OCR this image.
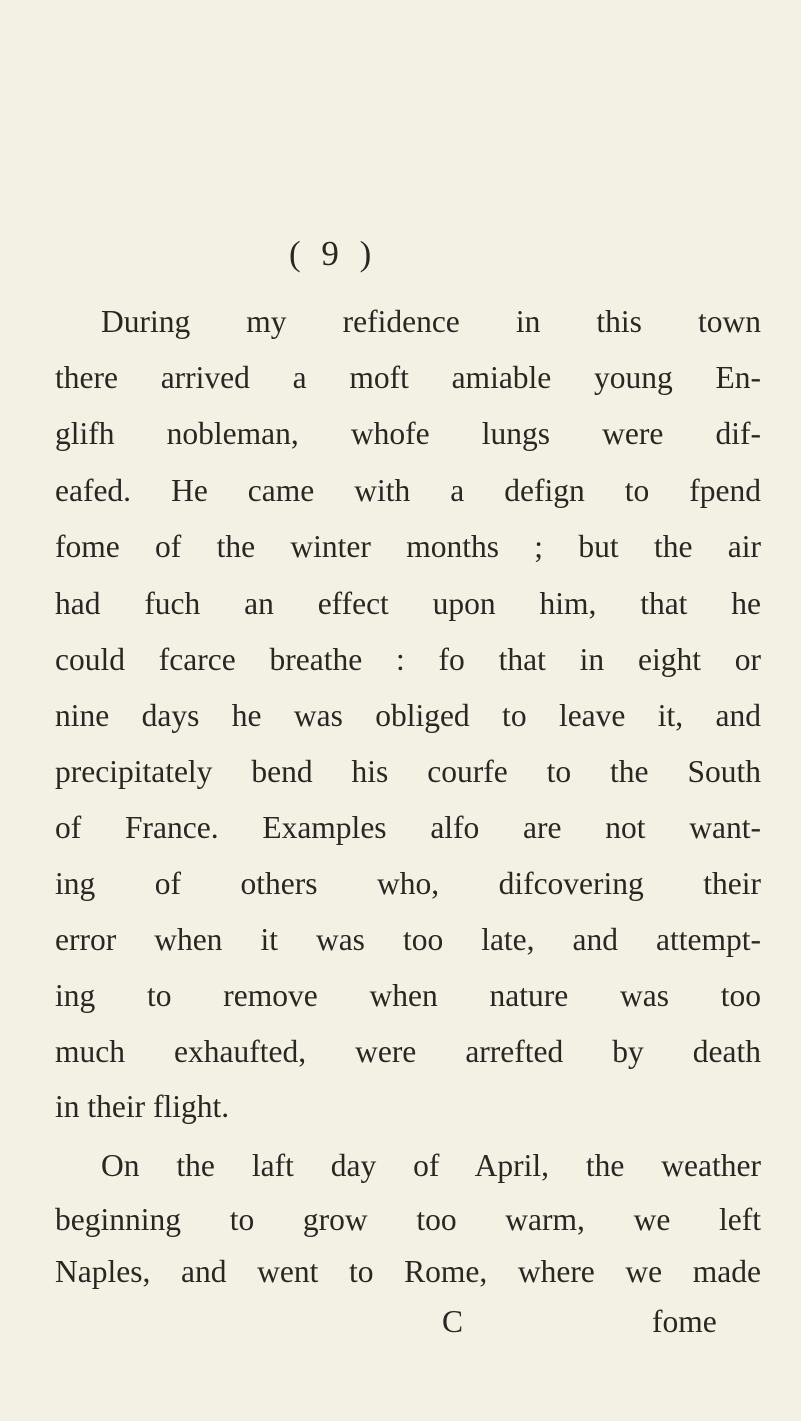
( 9 )
During my refidence in this town
there arrived a moft amiable young En-
glifh nobleman, whofe lungs were dif-
eafed. He came with a defign to fpend
fome of the winter months ; but the air
had fuch an effect upon him, that he
could fcarce breathe : fo that in eight or
nine days he was obliged to leave it, and
precipitately bend his courfe to the South
of France. Examples alfo are not want-
ing of others who, difcovering their
error when it was too late, and attempt-
ing to remove when nature was too
much exhaufted, were arrefted by death
in their flight.
On the laft day of April, the weather
beginning to grow too warm, we left
Naples, and went to Rome, where we made
C	fome
